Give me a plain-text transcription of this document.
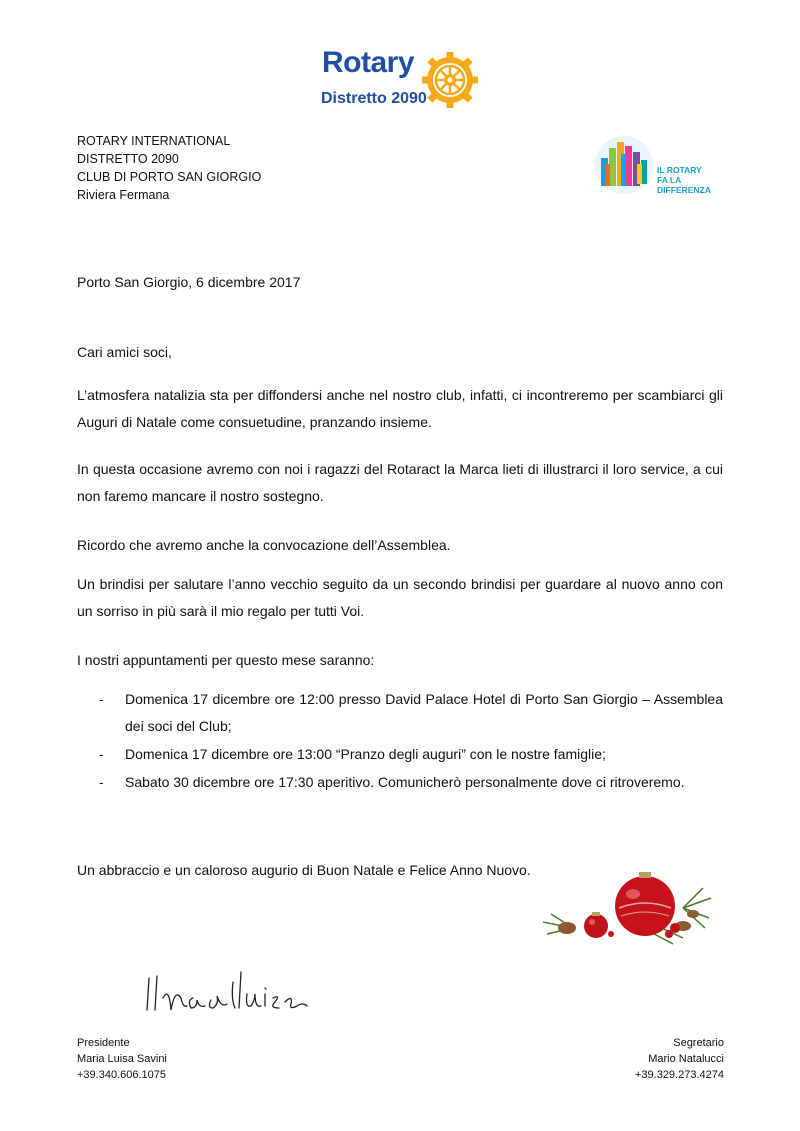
Rotary
Distretto 2090
ROTARY INTERNATIONAL
DISTRETTO 2090
CLUB DI PORTO SAN GIORGIO
Riviera Fermana
IL ROTARY
FA LA DIFFERENZA
Porto San Giorgio, 6 dicembre 2017
Cari amici soci,
L’atmosfera natalizia sta per diffondersi anche nel nostro club, infatti, ci incontreremo per scambiarci gli Auguri di Natale come consuetudine, pranzando insieme.
In questa occasione avremo con noi i ragazzi del Rotaract la Marca lieti di illustrarci il loro service, a cui non faremo mancare il nostro sostegno.
Ricordo che avremo anche la convocazione dell’Assemblea.
Un brindisi per salutare l’anno vecchio seguito da un secondo brindisi per guardare al nuovo anno con un sorriso in più sarà il mio regalo per tutti Voi.
I nostri appuntamenti per questo mese saranno:
- Domenica 17 dicembre ore 12:00 presso David Palace Hotel di Porto San Giorgio – Assemblea dei soci del Club;
- Domenica 17 dicembre ore 13:00 “Pranzo degli auguri” con le nostre famiglie;
- Sabato 30 dicembre ore 17:30 aperitivo. Comunicherò personalmente dove ci ritroveremo.
Un abbraccio e un caloroso augurio di Buon Natale e Felice Anno Nuovo.
Presidente
Maria Luisa Savini
+39.340.606.1075
Segretario
Mario Natalucci
+39.329.273.4274
